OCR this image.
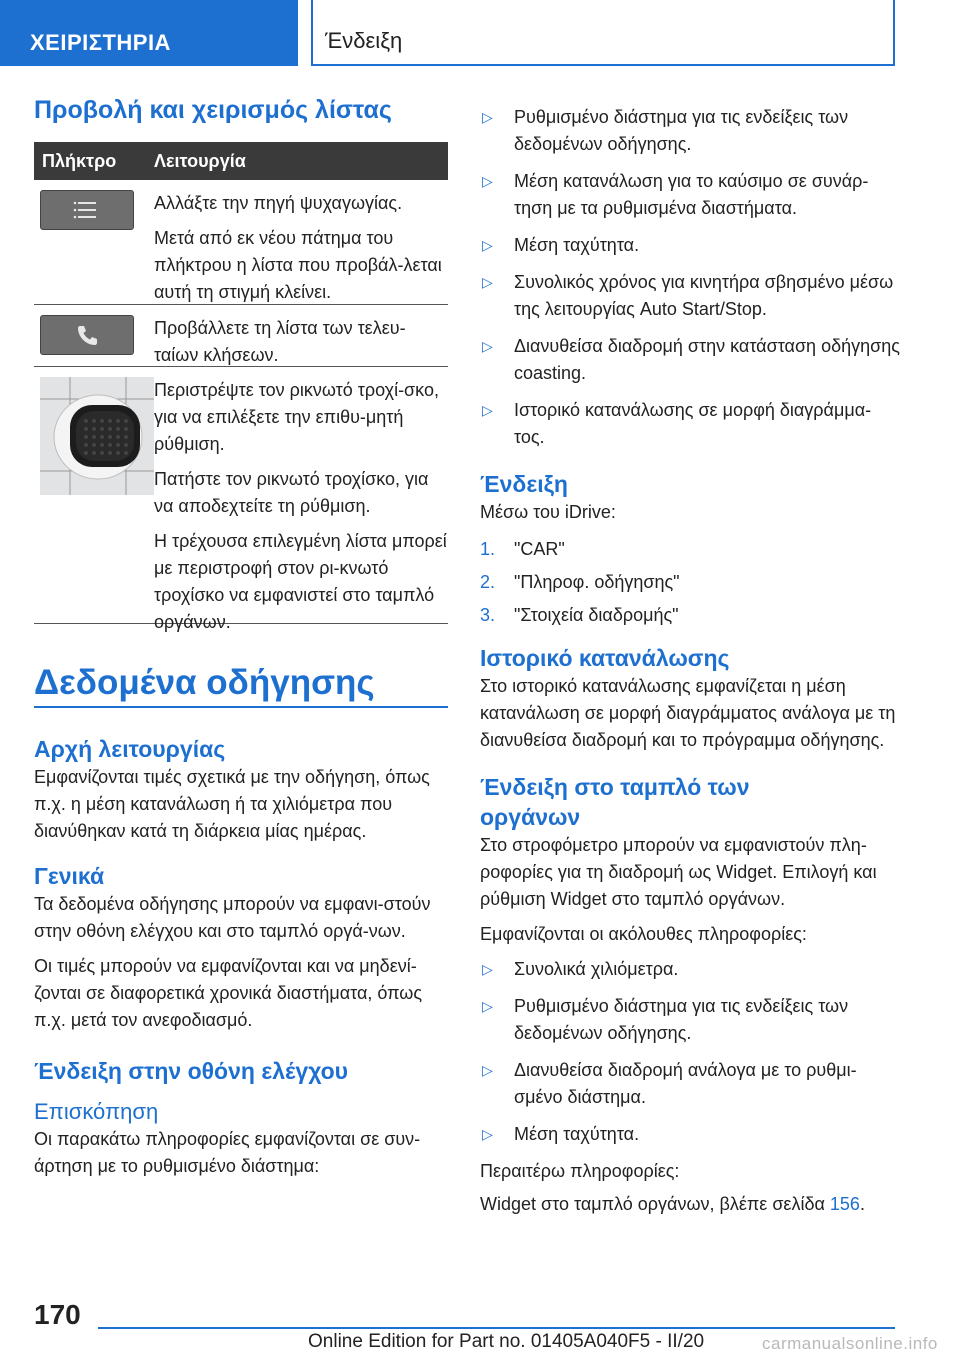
ΧΕΙΡΙΣΤΗΡΙΑ	Ένδειξη
Προβολή και χειρισμός λίστας
Πλήκτρο	Λειτουργία
Αλλάξτε την πηγή ψυχαγωγίας.
Μετά από εκ νέου πάτημα του πλήκτρου η λίστα που προβάλ-λεται αυτή τη στιγμή κλείνει.
Προβάλλετε τη λίστα των τελευ-ταίων κλήσεων.
Περιστρέψτε τον ρικνωτό τροχί-σκο, για να επιλέξετε την επιθυ-μητή ρύθμιση.
Πατήστε τον ρικνωτό τροχίσκο, για να αποδεχτείτε τη ρύθμιση.
Η τρέχουσα επιλεγμένη λίστα μπορεί με περιστροφή στον ρι-κνωτό τροχίσκο να εμφανιστεί στο ταμπλό οργάνων.
Δεδομένα οδήγησης
Αρχή λειτουργίας
Εμφανίζονται τιμές σχετικά με την οδήγηση, όπως π.χ. η μέση κατανάλωση ή τα χιλιόμετρα που διανύθηκαν κατά τη διάρκεια μίας ημέρας.
Γενικά
Τα δεδομένα οδήγησης μπορούν να εμφανι-στούν στην οθόνη ελέγχου και στο ταμπλό οργά-νων.
Οι τιμές μπορούν να εμφανίζονται και να μηδενί-ζονται σε διαφορετικά χρονικά διαστήματα, όπως π.χ. μετά τον ανεφοδιασμό.
Ένδειξη στην οθόνη ελέγχου
Επισκόπηση
Οι παρακάτω πληροφορίες εμφανίζονται σε συν-άρτηση με το ρυθμισμένο διάστημα:
▷	Ρυθμισμένο διάστημα για τις ενδείξεις των δεδομένων οδήγησης.
▷	Μέση κατανάλωση για το καύσιμο σε συνάρ-τηση με τα ρυθμισμένα διαστήματα.
▷	Μέση ταχύτητα.
▷	Συνολικός χρόνος για κινητήρα σβησμένο μέσω της λειτουργίας Auto Start/Stop.
▷	Διανυθείσα διαδρομή στην κατάσταση οδήγησης coasting.
▷	Ιστορικό κατανάλωσης σε μορφή διαγράμμα-τος.
Ένδειξη
Μέσω του iDrive:
1.	"CAR"
2.	"Πληροφ. οδήγησης"
3.	"Στοιχεία διαδρομής"
Ιστορικό κατανάλωσης
Στο ιστορικό κατανάλωσης εμφανίζεται η μέση κατανάλωση σε μορφή διαγράμματος ανάλογα με τη διανυθείσα διαδρομή και το πρόγραμμα οδήγησης.
Ένδειξη στο ταμπλό των οργάνων
Στο στροφόμετρο μπορούν να εμφανιστούν πλη-ροφορίες για τη διαδρομή ως Widget. Επιλογή και ρύθμιση Widget στο ταμπλό οργάνων.
Εμφανίζονται οι ακόλουθες πληροφορίες:
▷	Συνολικά χιλιόμετρα.
▷	Ρυθμισμένο διάστημα για τις ενδείξεις των δεδομένων οδήγησης.
▷	Διανυθείσα διαδρομή ανάλογα με το ρυθμι-σμένο διάστημα.
▷	Μέση ταχύτητα.
Περαιτέρω πληροφορίες:
Widget στο ταμπλό οργάνων, βλέπε σελίδα 156.
170
Online Edition for Part no. 01405A040F5 - II/20	carmanualsonline.info
